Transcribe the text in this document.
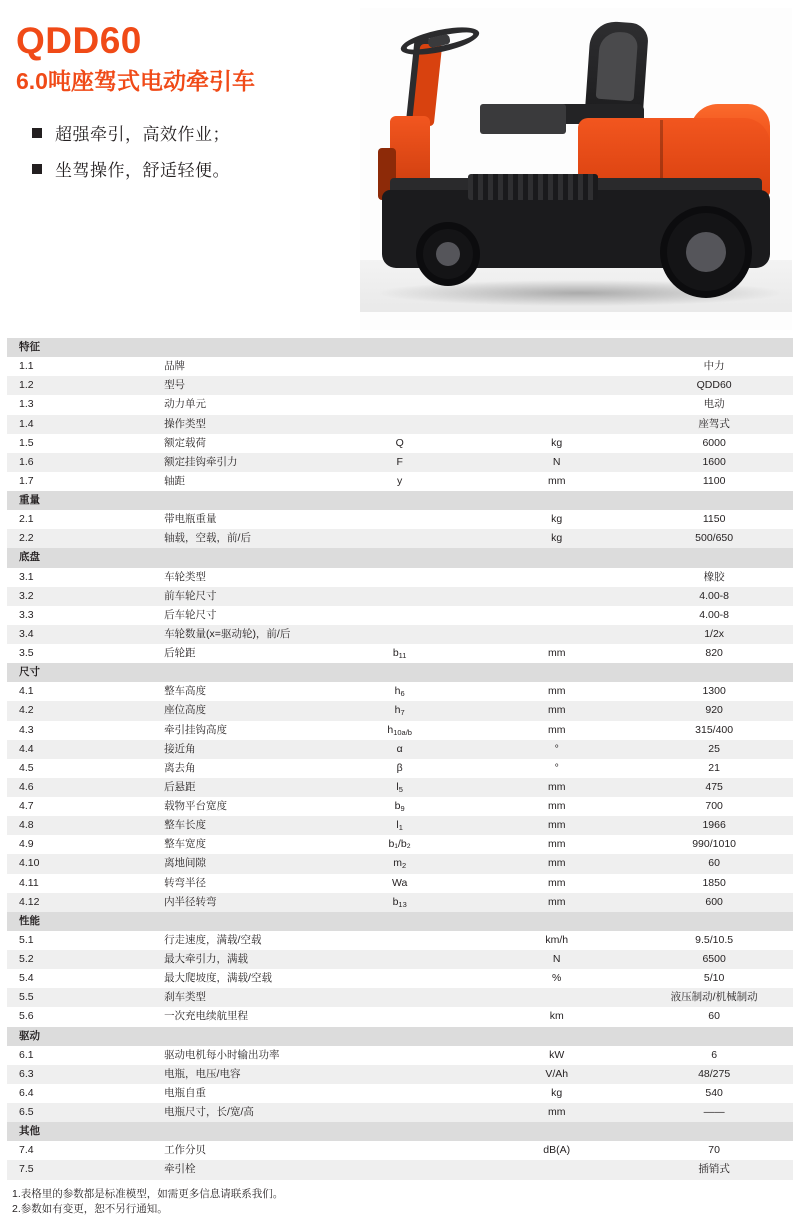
QDD60
6.0吨座驾式电动牵引车
超强牵引，高效作业；
坐驾操作，舒适轻便。
特征				
1.1	品牌			中力
1.2	型号			QDD60
1.3	动力单元			电动
1.4	操作类型			座驾式
1.5	额定载荷	Q	kg	6000
1.6	额定挂钩牵引力	F	N	1600
1.7	轴距	y	mm	1100
重量				
2.1	带电瓶重量		kg	1150
2.2	轴载，空载，前/后		kg	500/650
底盘				
3.1	车轮类型			橡胶
3.2	前车轮尺寸			4.00-8
3.3	后车轮尺寸			4.00-8
3.4	车轮数量(x=驱动轮)，前/后			1/2x
3.5	后轮距	$b_{11}$	mm	820
尺寸				
4.1	整车高度	$h_6$	mm	1300
4.2	座位高度	$h_7$	mm	920
4.3	牵引挂钩高度	$h_{10a/b}$	mm	315/400
4.4	接近角	α	°	25
4.5	离去角	β	°	21
4.6	后悬距	$l_5$	mm	475
4.7	载物平台宽度	$b_9$	mm	700
4.8	整车长度	$l_1$	mm	1966
4.9	整车宽度	b₁/b₂	mm	990/1010
4.10	离地间隙	$m_2$	mm	60
4.11	转弯半径	Wa	mm	1850
4.12	内半径转弯	$b_{13}$	mm	600
性能				
5.1	行走速度，满载/空载		km/h	9.5/10.5
5.2	最大牵引力，满载		N	6500
5.4	最大爬坡度，满载/空载		%	5/10
5.5	刹车类型			液压制动/机械制动
5.6	一次充电续航里程		km	60
驱动				
6.1	驱动电机每小时输出功率		kW	6
6.3	电瓶，电压/电容		V/Ah	48/275
6.4	电瓶自重		kg	540
6.5	电瓶尺寸，长/宽/高		mm	——
其他				
7.4	工作分贝		dB(A)	70
7.5	牵引栓			插销式
1.表格里的参数都是标准模型，如需更多信息请联系我们。
2.参数如有变更，恕不另行通知。
